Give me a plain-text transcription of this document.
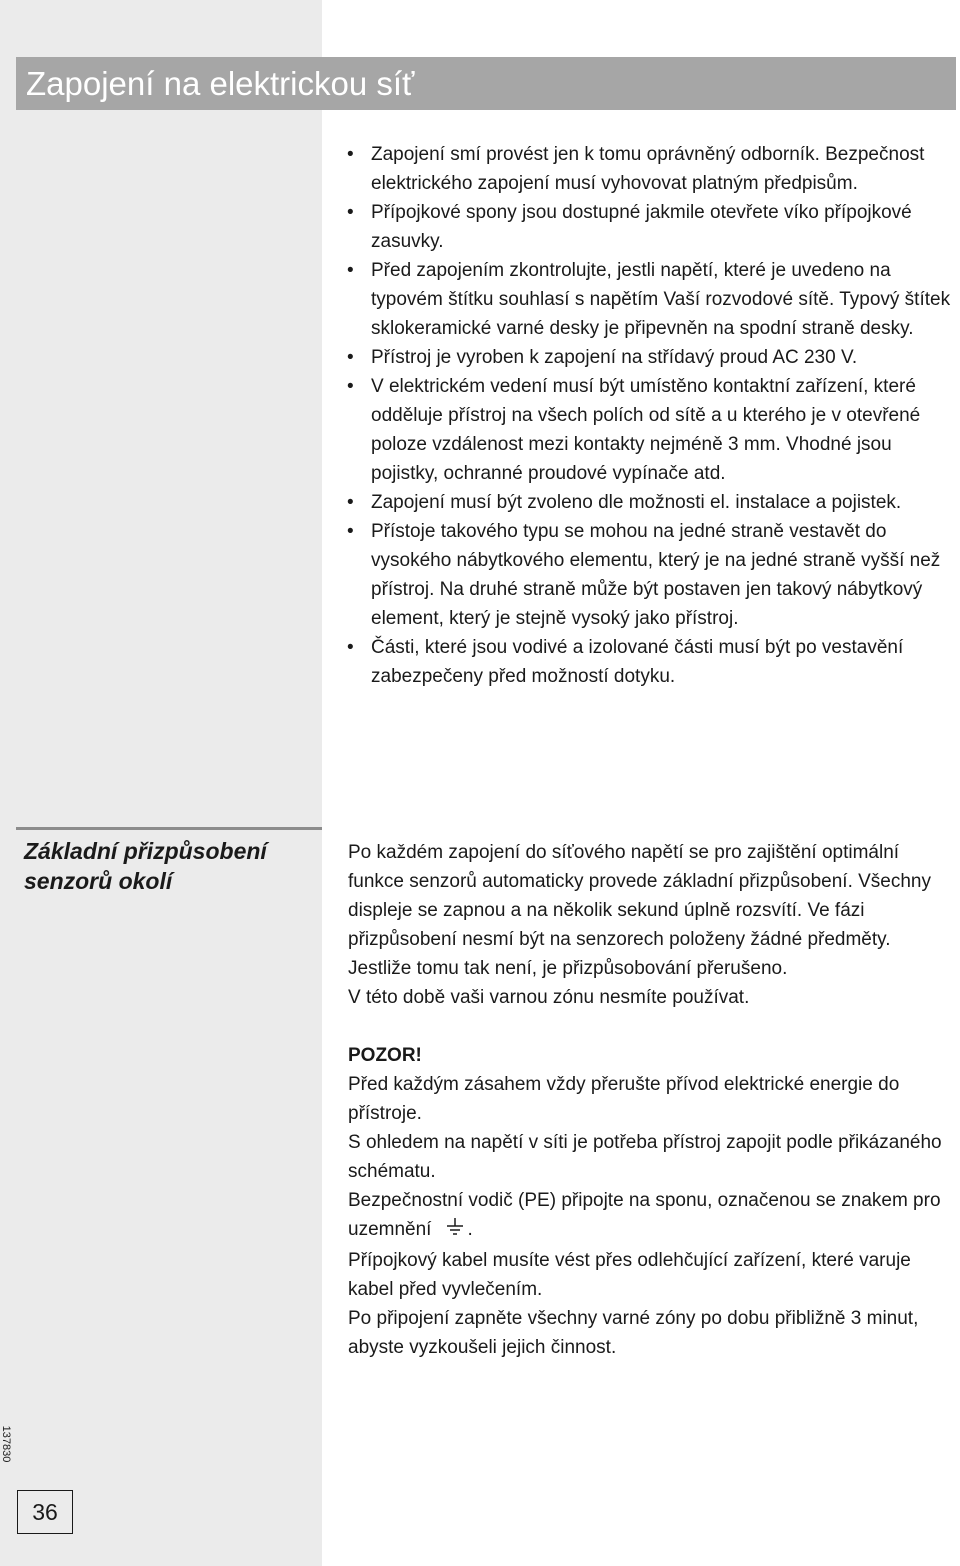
Zapojení na elektrickou síť
• Zapojení smí provést jen k tomu oprávněný odborník. Bezpečnost elektrického zapojení musí vyhovovat platným předpisům.
• Přípojkové spony jsou dostupné jakmile otevřete víko přípojkové zasuvky.
• Před zapojením zkontrolujte, jestli napětí, které je uvedeno na typovém štítku souhlasí s napětím Vaší rozvodové sítě. Typový štítek sklokeramické varné desky je připevněn na spodní straně desky.
• Přístroj je vyroben k zapojení na střídavý proud AC 230 V.
• V elektrickém vedení musí být umístěno kontaktní zařízení, které odděluje přístroj na všech polích od sítě a u kterého je v otevřené poloze vzdálenost mezi kontakty nejméně 3 mm. Vhodné jsou pojistky, ochranné proudové vypínače atd.
• Zapojení musí být zvoleno dle možnosti el. instalace a pojistek.
• Přístoje takového typu se mohou na jedné straně vestavět do vysokého nábytkového elementu, který je na jedné straně vyšší než přístroj. Na druhé straně může být postaven jen takový nábytkový element, který je stejně vysoký jako přístroj.
• Části, které jsou vodivé a izolované části musí být po vestavění zabezpečeny před možností dotyku.
Základní přizpůsobení
senzorů okolí

Po každém zapojení do síťového napětí se pro zajištění optimální funkce senzorů automaticky provede základní přizpůsobení. Všechny displeje se zapnou a na několik sekund úplně rozsvítí. Ve fázi přizpůsobení nesmí být na senzorech položeny žádné předměty. Jestliže tomu tak není, je přizpůsobování přerušeno.

V této době vaši varnou zónu nesmíte používat.

POZOR!

Před každým zásahem vždy přerušte přívod elektrické energie do přístroje.

S ohledem na napětí v síti je potřeba přístroj zapojit podle přikázaného schématu.

Bezpečnostní vodič (PE) připojte na sponu, označenou se znakem pro uzemnění .

Přípojkový kabel musíte vést přes odlehčující zařízení, které varuje kabel před vyvlečením.

Po připojení zapněte všechny varné zóny po dobu přibližně 3 minut, abyste vyzkoušeli jejich činnost.

137830
36
